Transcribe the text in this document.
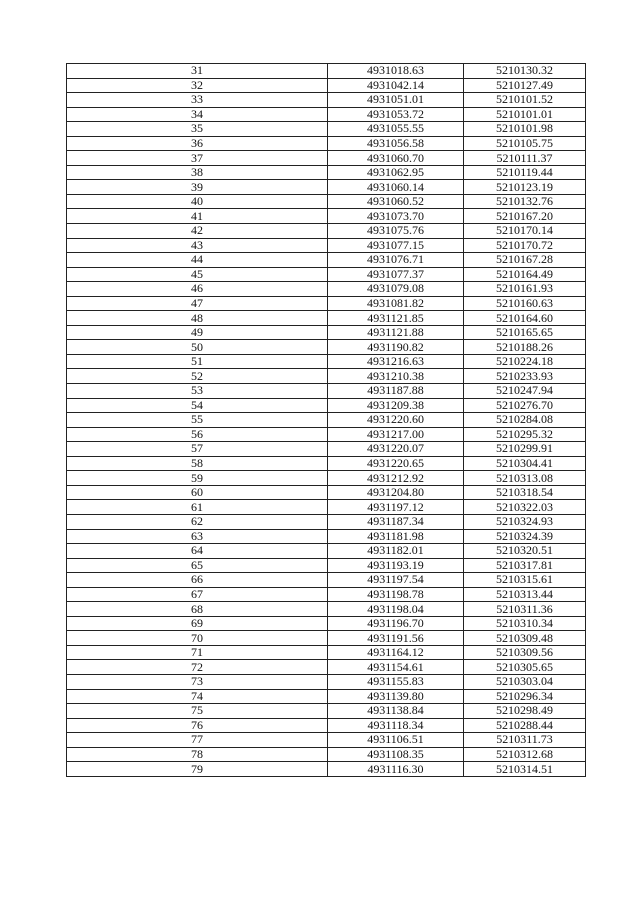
31	4931018.63	5210130.32
32	4931042.14	5210127.49
33	4931051.01	5210101.52
34	4931053.72	5210101.01
35	4931055.55	5210101.98
36	4931056.58	5210105.75
37	4931060.70	5210111.37
38	4931062.95	5210119.44
39	4931060.14	5210123.19
40	4931060.52	5210132.76
41	4931073.70	5210167.20
42	4931075.76	5210170.14
43	4931077.15	5210170.72
44	4931076.71	5210167.28
45	4931077.37	5210164.49
46	4931079.08	5210161.93
47	4931081.82	5210160.63
48	4931121.85	5210164.60
49	4931121.88	5210165.65
50	4931190.82	5210188.26
51	4931216.63	5210224.18
52	4931210.38	5210233.93
53	4931187.88	5210247.94
54	4931209.38	5210276.70
55	4931220.60	5210284.08
56	4931217.00	5210295.32
57	4931220.07	5210299.91
58	4931220.65	5210304.41
59	4931212.92	5210313.08
60	4931204.80	5210318.54
61	4931197.12	5210322.03
62	4931187.34	5210324.93
63	4931181.98	5210324.39
64	4931182.01	5210320.51
65	4931193.19	5210317.81
66	4931197.54	5210315.61
67	4931198.78	5210313.44
68	4931198.04	5210311.36
69	4931196.70	5210310.34
70	4931191.56	5210309.48
71	4931164.12	5210309.56
72	4931154.61	5210305.65
73	4931155.83	5210303.04
74	4931139.80	5210296.34
75	4931138.84	5210298.49
76	4931118.34	5210288.44
77	4931106.51	5210311.73
78	4931108.35	5210312.68
79	4931116.30	5210314.51
